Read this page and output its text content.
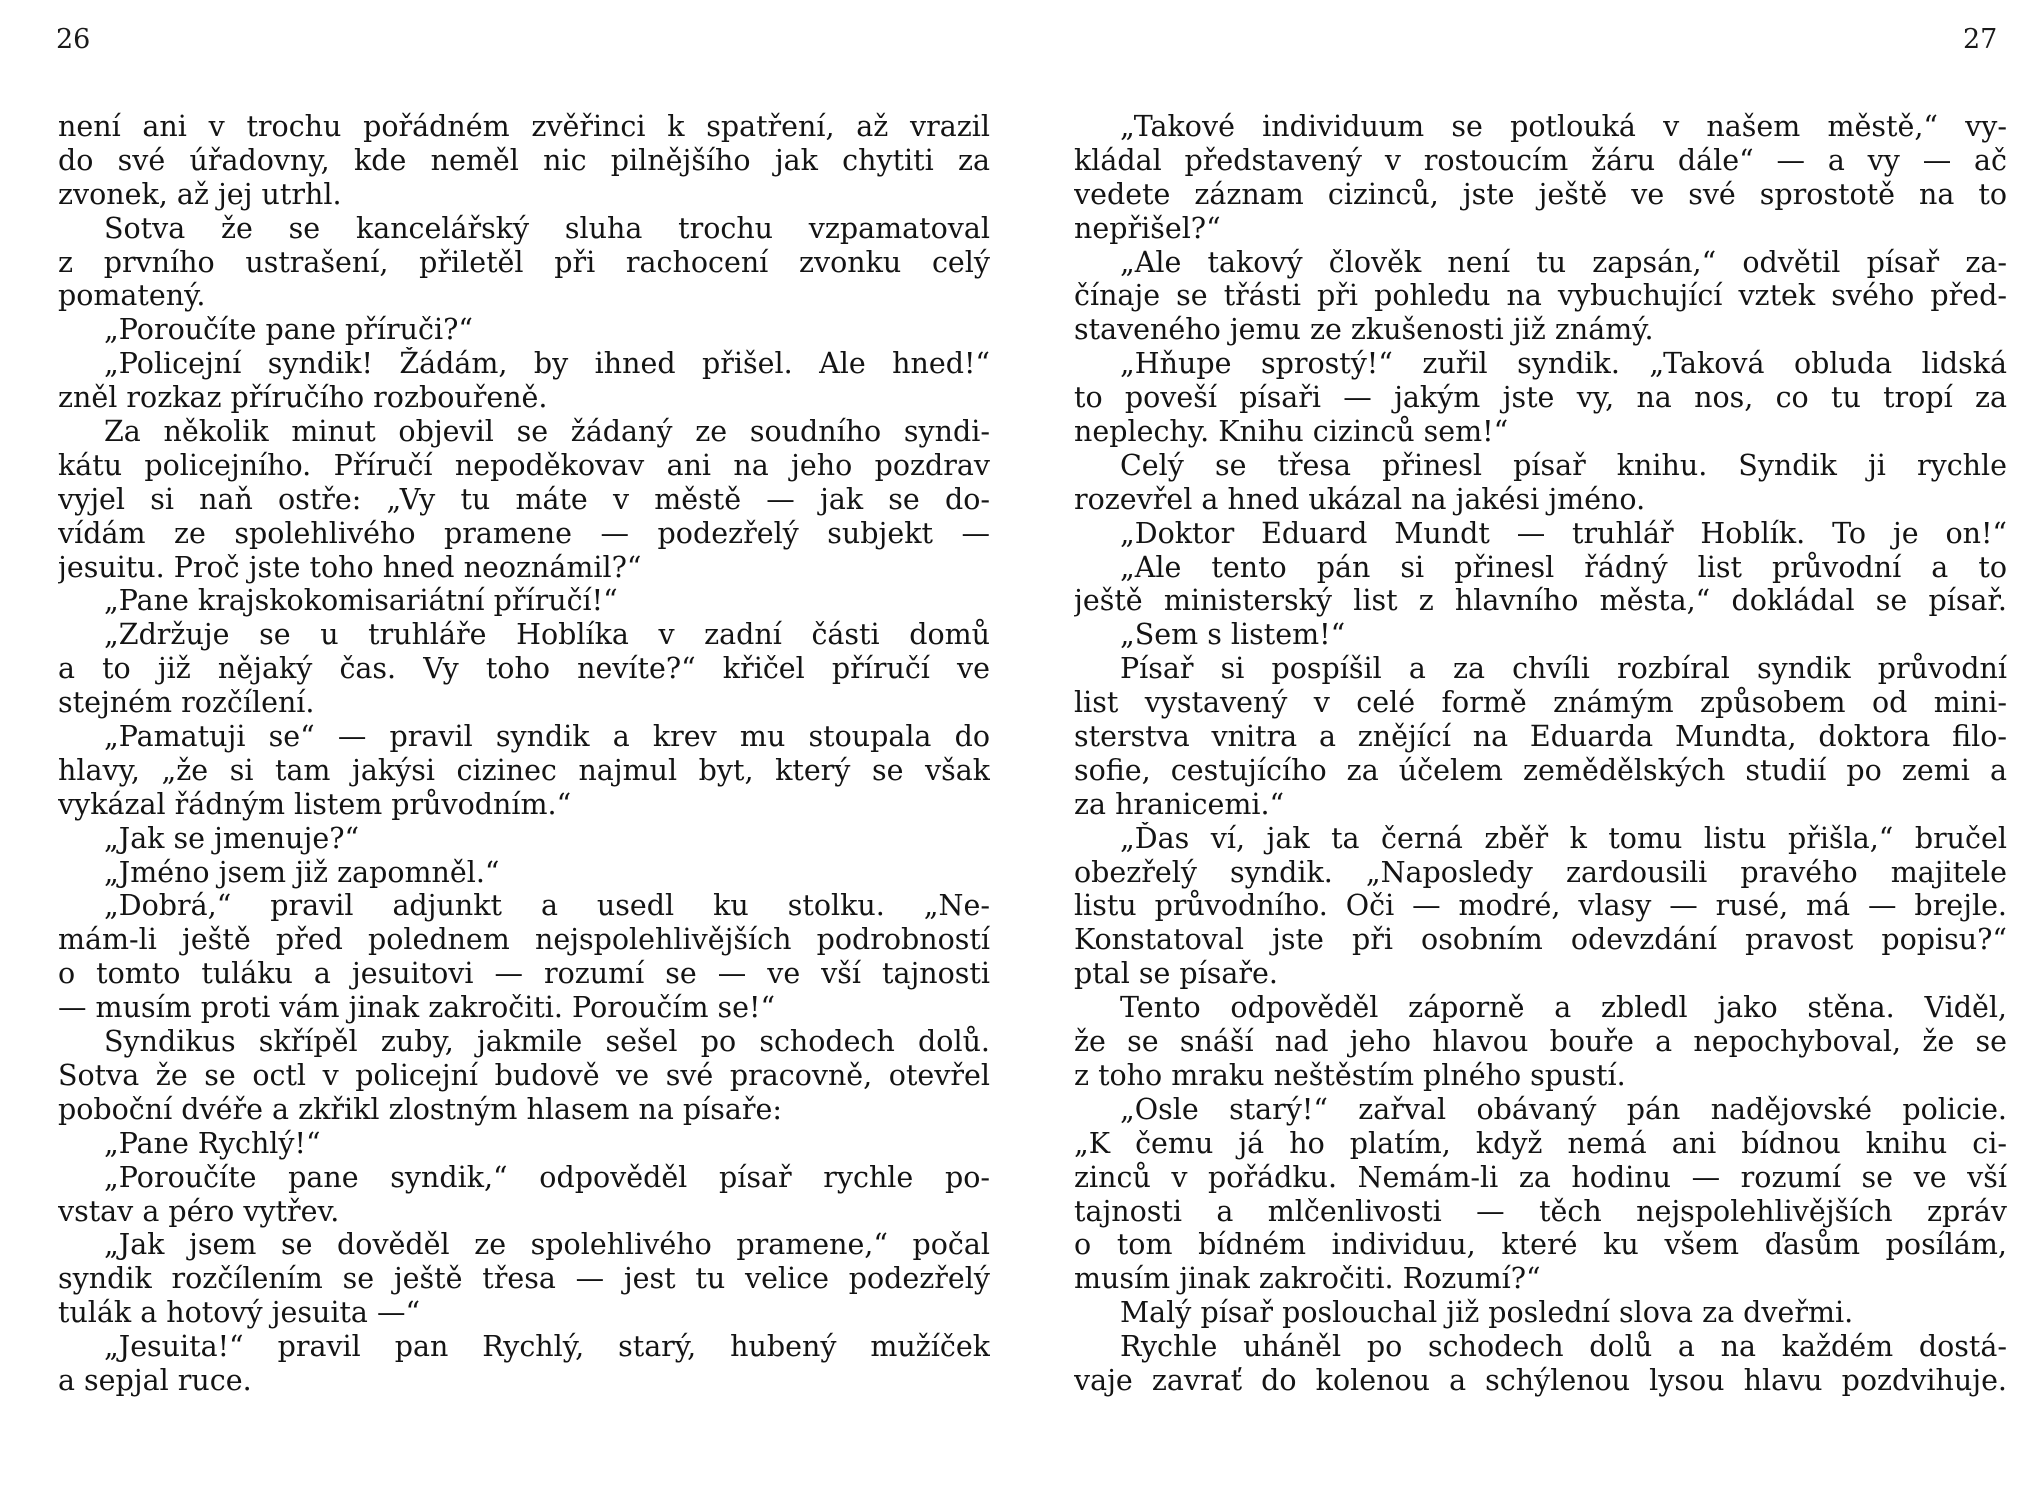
26
není ani v trochu pořádném zvěřinci k spatření, až vrazil
do své úřadovny, kde neměl nic pilnějšího jak chytiti za
zvonek, až jej utrhl.
Sotva že se kancelářský sluha trochu vzpamatoval
z prvního ustrašení, přiletěl při rachocení zvonku celý
pomatený.
„Poroučíte pane příruči?“
„Policejní syndik! Žádám, by ihned přišel. Ale hned!“
zněl rozkaz příručího rozbouřeně.
Za několik minut objevil se žádaný ze soudního syndi-
kátu policejního. Příručí nepoděkovav ani na jeho pozdrav
vyjel si naň ostře: „Vy tu máte v městě — jak se do-
vídám ze spolehlivého pramene — podezřelý subjekt —
jesuitu. Proč jste toho hned neoznámil?“
„Pane krajskokomisariátní příručí!“
„Zdržuje se u truhláře Hoblíka v zadní části domů
a to již nějaký čas. Vy toho nevíte?“ křičel příručí ve
stejném rozčílení.
„Pamatuji se“ — pravil syndik a krev mu stoupala do
hlavy, „že si tam jakýsi cizinec najmul byt, který se však
vykázal řádným listem průvodním.“
„Jak se jmenuje?“
„Jméno jsem již zapomněl.“
„Dobrá,“ pravil adjunkt a usedl ku stolku. „Ne-
mám-li ještě před polednem nejspolehlivějších podrobností
o tomto tuláku a jesuitovi — rozumí se — ve vší tajnosti
— musím proti vám jinak zakročiti. Poroučím se!“
Syndikus skřípěl zuby, jakmile sešel po schodech dolů.
Sotva že se octl v policejní budově ve své pracovně, otevřel
poboční dvéře a zkřikl zlostným hlasem na písaře:
„Pane Rychlý!“
„Poroučíte pane syndik,“ odpověděl písař rychle po-
vstav a péro vytřev.
„Jak jsem se dověděl ze spolehlivého pramene,“ počal
syndik rozčílením se ještě třesa — jest tu velice podezřelý
tulák a hotový jesuita —“
„Jesuita!“ pravil pan Rychlý, starý, hubený mužíček
a sepjal ruce.
27
„Takové individuum se potlouká v našem městě,“ vy-
kládal představený v rostoucím žáru dále“ — a vy — ač
vedete záznam cizinců, jste ještě ve své sprostotě na to
nepřišel?“
„Ale takový člověk není tu zapsán,“ odvětil písař za-
čínaje se třásti při pohledu na vybuchující vztek svého před-
staveného jemu ze zkušenosti již známý.
„Hňupe sprostý!“ zuřil syndik. „Taková obluda lidská
to poveší písaři — jakým jste vy, na nos, co tu tropí za
neplechy. Knihu cizinců sem!“
Celý se třesa přinesl písař knihu. Syndik ji rychle
rozevřel a hned ukázal na jakési jméno.
„Doktor Eduard Mundt — truhlář Hoblík. To je on!“
„Ale tento pán si přinesl řádný list průvodní a to
ještě ministerský list z hlavního města,“ dokládal se písař.
„Sem s listem!“
Písař si pospíšil a za chvíli rozbíral syndik průvodní
list vystavený v celé formě známým způsobem od mini-
sterstva vnitra a znějící na Eduarda Mundta, doktora filo-
sofie, cestujícího za účelem zemědělských studií po zemi a
za hranicemi.“
„Ďas ví, jak ta černá zběř k tomu listu přišla,“ bručel
obezřelý syndik. „Naposledy zardousili pravého majitele
listu průvodního. Oči — modré, vlasy — rusé, má — brejle.
Konstatoval jste při osobním odevzdání pravost popisu?“
ptal se písaře.
Tento odpověděl záporně a zbledl jako stěna. Viděl,
že se snáší nad jeho hlavou bouře a nepochyboval, že se
z toho mraku neštěstím plného spustí.
„Osle starý!“ zařval obávaný pán nadějovské policie.
„K čemu já ho platím, když nemá ani bídnou knihu ci-
zinců v pořádku. Nemám-li za hodinu — rozumí se ve vší
tajnosti a mlčenlivosti — těch nejspolehlivějších zpráv
o tom bídném individuu, které ku všem ďasům posílám,
musím jinak zakročiti. Rozumí?“
Malý písař poslouchal již poslední slova za dveřmi.
Rychle uháněl po schodech dolů a na každém dostá-
vaje zavrať do kolenou a schýlenou lysou hlavu pozdvihuje.
